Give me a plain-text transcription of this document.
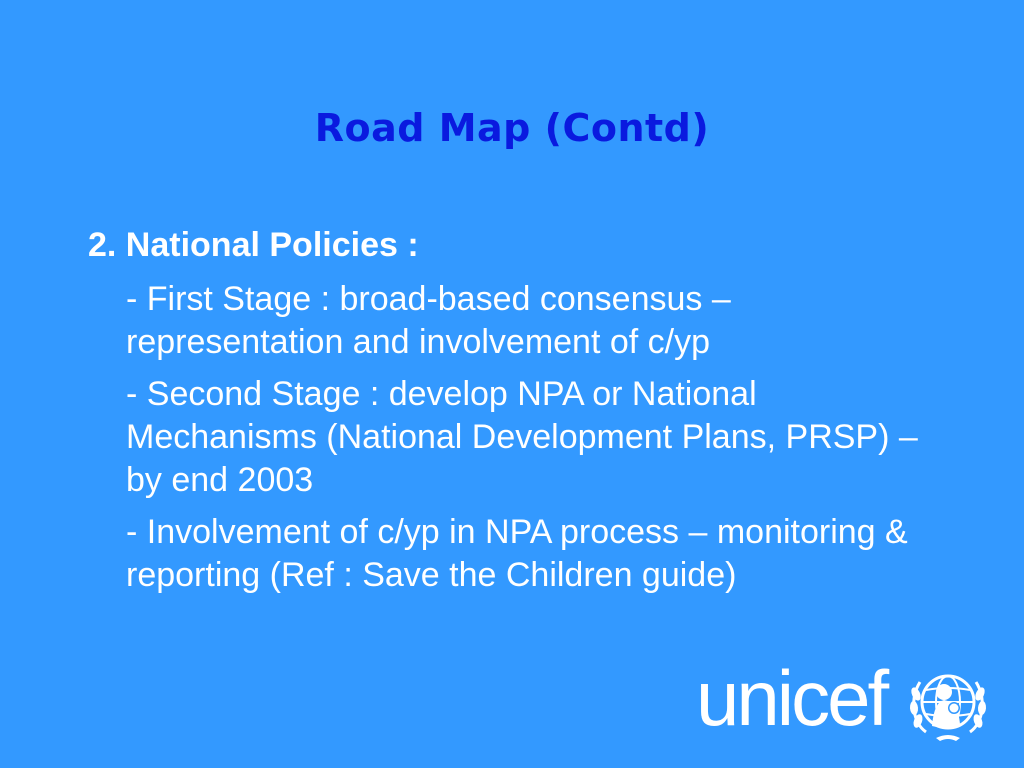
Road Map (Contd)
2. National Policies :
- First Stage : broad-based consensus – representation and involvement of c/yp
- Second Stage : develop NPA or National Mechanisms (National Development Plans, PRSP) – by end 2003
- Involvement of c/yp in NPA process – monitoring & reporting (Ref : Save the Children guide)
unicef
